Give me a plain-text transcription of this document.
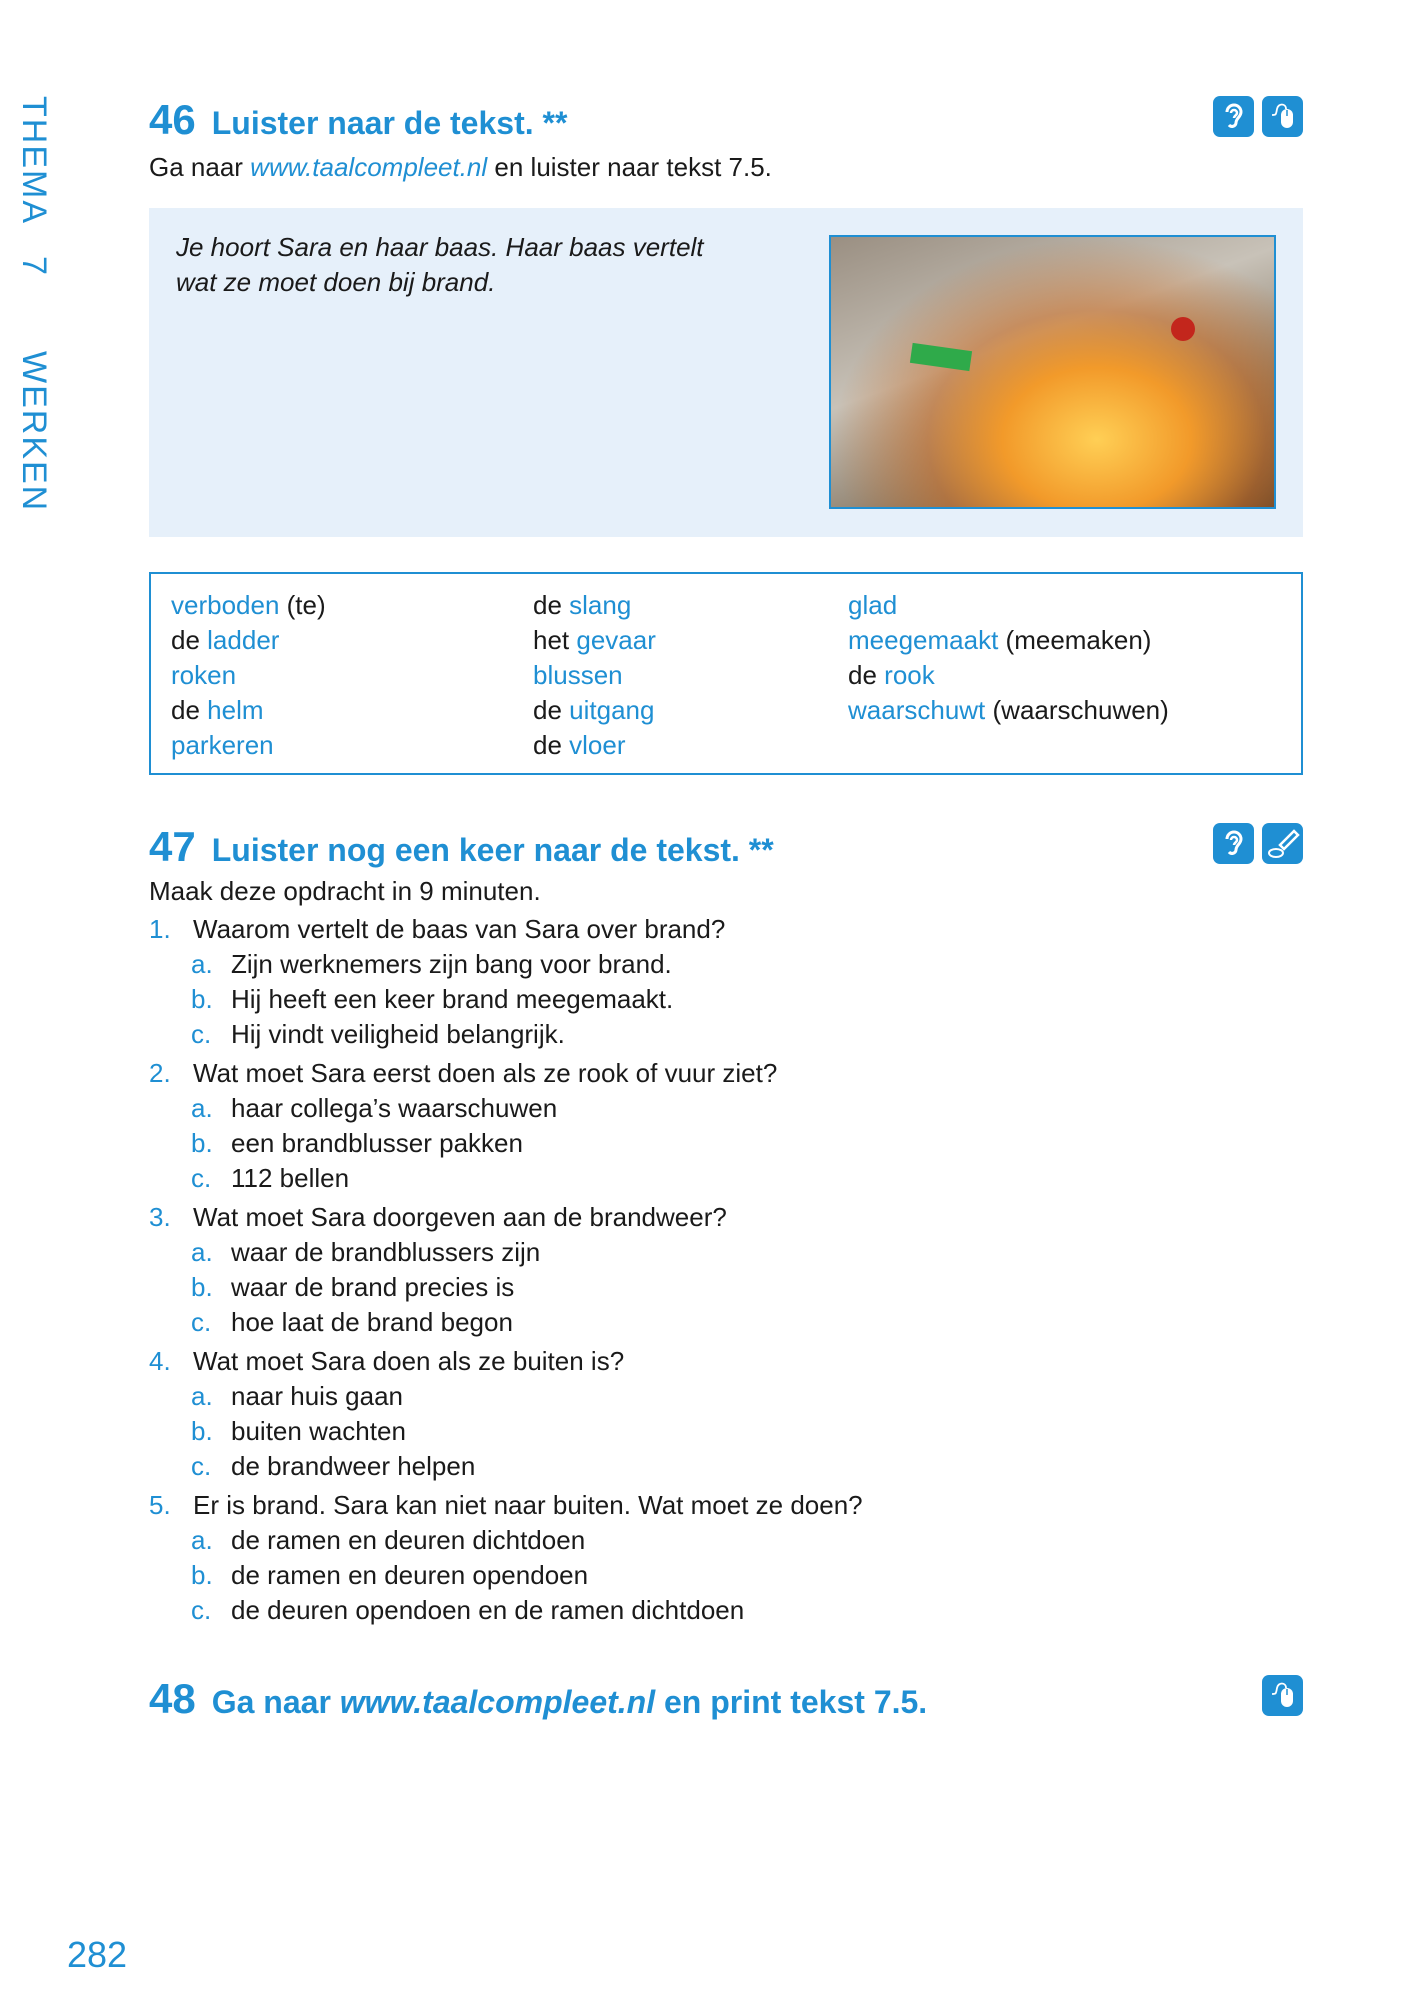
THEMA
7
WERKEN
46 Luister naar de tekst. **
Ga naar www.taalcompleet.nl en luister naar tekst 7.5.
Je hoort Sara en haar baas. Haar baas vertelt
wat ze moet doen bij brand.
verboden (te)
de ladder
roken
de helm
parkeren
de slang
het gevaar
blussen
de uitgang
de vloer
glad
meegemaakt (meemaken)
de rook
waarschuwt (waarschuwen)
47 Luister nog een keer naar de tekst. **
Maak deze opdracht in 9 minuten.
1. Waarom vertelt de baas van Sara over brand?
a. Zijn werknemers zijn bang voor brand.
b. Hij heeft een keer brand meegemaakt.
c. Hij vindt veiligheid belangrijk.
2. Wat moet Sara eerst doen als ze rook of vuur ziet?
a. haar collega’s waarschuwen
b. een brandblusser pakken
c. 112 bellen
3. Wat moet Sara doorgeven aan de brandweer?
a. waar de brandblussers zijn
b. waar de brand precies is
c. hoe laat de brand begon
4. Wat moet Sara doen als ze buiten is?
a. naar huis gaan
b. buiten wachten
c. de brandweer helpen
5. Er is brand. Sara kan niet naar buiten. Wat moet ze doen?
a. de ramen en deuren dichtdoen
b. de ramen en deuren opendoen
c. de deuren opendoen en de ramen dichtdoen
48 Ga naar www.taalcompleet.nl en print tekst 7.5.
282
